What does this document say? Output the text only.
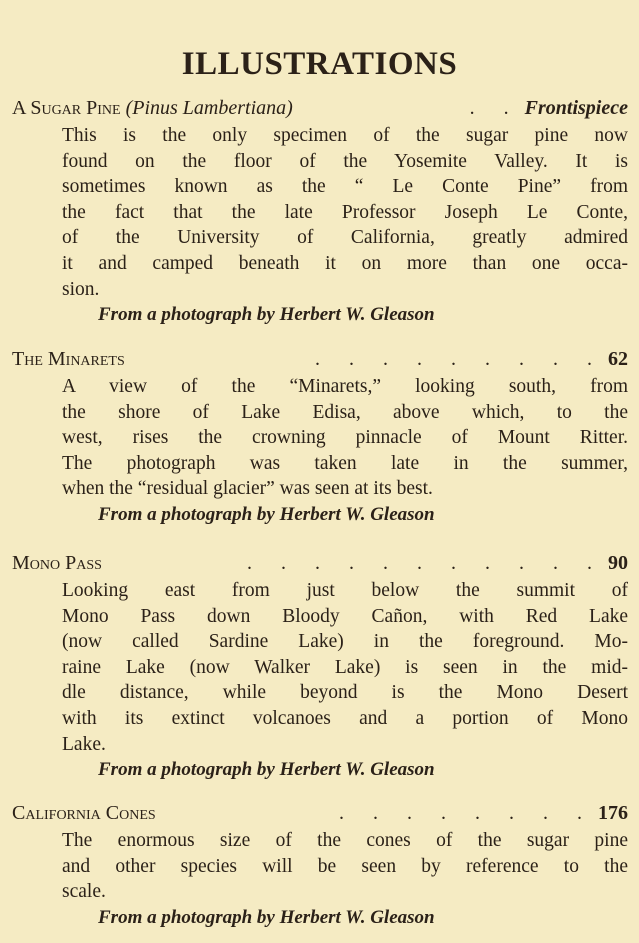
ILLUSTRATIONS
A Sugar Pine (Pinus Lambertiana)	. . Frontispiece
This is the only specimen of the sugar pine now
found on the floor of the Yosemite Valley. It is
sometimes known as the “ Le Conte Pine” from
the fact that the late Professor Joseph Le Conte,
of the University of California, greatly admired
it and camped beneath it on more than one occa-
sion.
From a photograph by Herbert W. Gleason
The Minarets	. . . . . . . . . 62
A view of the “Minarets,” looking south, from
the shore of Lake Edisa, above which, to the
west, rises the crowning pinnacle of Mount Ritter.
The photograph was taken late in the summer,
when the “residual glacier” was seen at its best.
From a photograph by Herbert W. Gleason
Mono Pass	. . . . . . . . . . . 90
Looking east from just below the summit of
Mono Pass down Bloody Cañon, with Red Lake
(now called Sardine Lake) in the foreground. Mo-
raine Lake (now Walker Lake) is seen in the mid-
dle distance, while beyond is the Mono Desert
with its extinct volcanoes and a portion of Mono
Lake.
From a photograph by Herbert W. Gleason
California Cones	. . . . . . . . 176
The enormous size of the cones of the sugar pine
and other species will be seen by reference to the
scale.
From a photograph by Herbert W. Gleason
